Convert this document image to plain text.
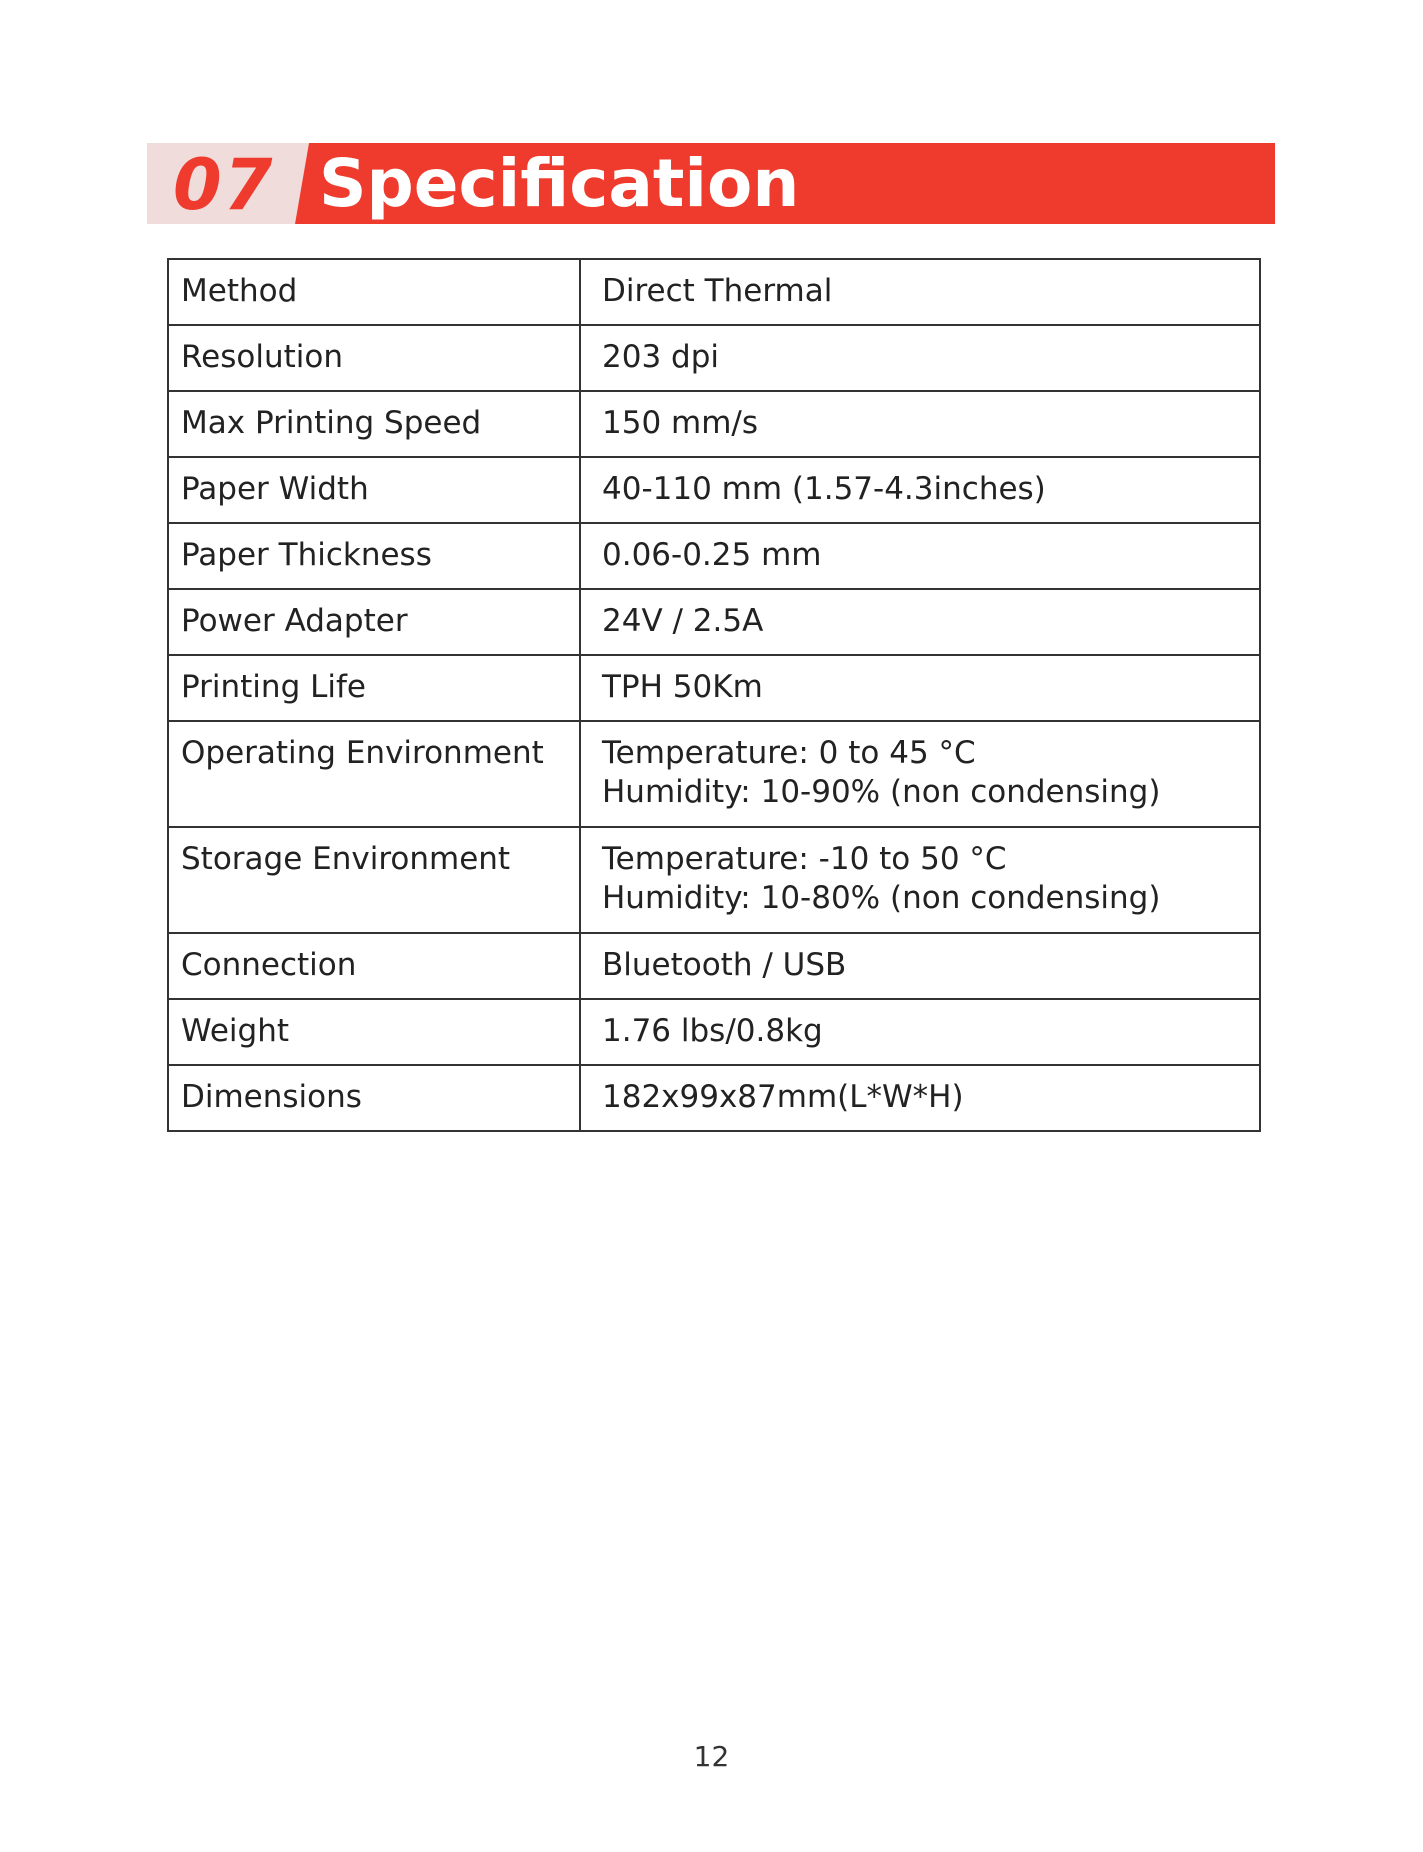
07 Specification
Method	Direct Thermal

Resolution	203 dpi

Max Printing Speed	150 mm/s

Paper Width	40-110 mm (1.57-4.3inches)

Paper Thickness	0.06-0.25 mm

Power Adapter	24V / 2.5A

Printing Life	TPH 50Km

Operating Environment	Temperature: 0 to 45 °C
Humidity: 10-90% (non condensing)

Storage Environment	Temperature: -10 to 50 °C
Humidity: 10-80% (non condensing)

Connection	Bluetooth / USB

Weight	1.76 lbs/0.8kg

Dimensions	182x99x87mm(L*W*H)
12
